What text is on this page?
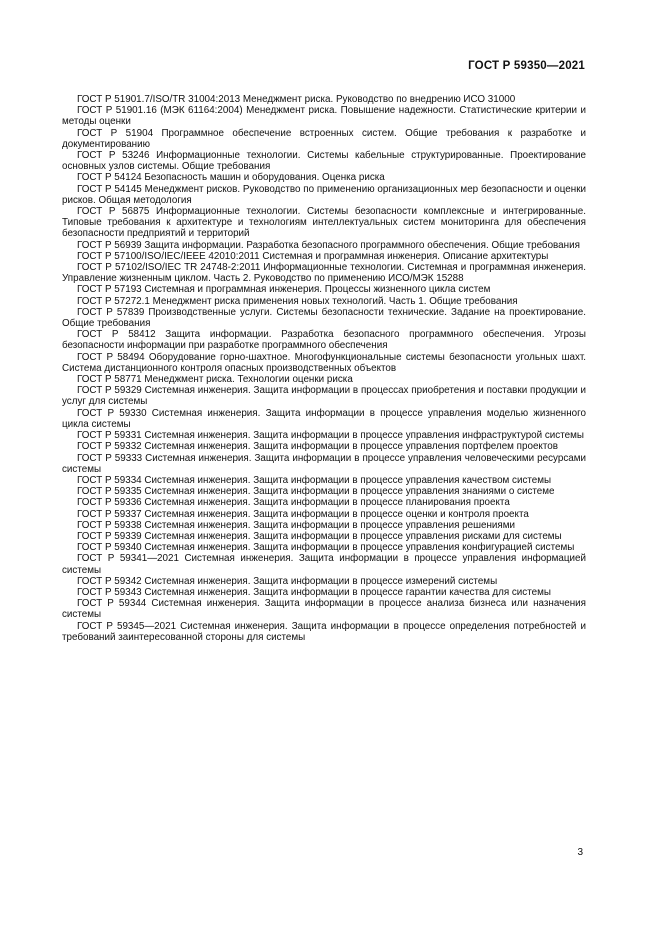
ГОСТ Р 59350—2021

ГОСТ Р 51901.7/ISO/TR 31004:2013 Менеджмент риска. Руководство по внедрению ИСО 31000

ГОСТ Р 51901.16 (МЭК 61164:2004) Менеджмент риска. Повышение надежности. Статистические критерии и методы оценки

ГОСТ Р 51904 Программное обеспечение встроенных систем. Общие требования к разработке и документированию

ГОСТ Р 53246 Информационные технологии. Системы кабельные структурированные. Проектирование основных узлов системы. Общие требования

ГОСТ Р 54124 Безопасность машин и оборудования. Оценка риска

ГОСТ Р 54145 Менеджмент рисков. Руководство по применению организационных мер безопасности и оценки рисков. Общая методология

ГОСТ Р 56875 Информационные технологии. Системы безопасности комплексные и интегрированные. Типовые требования к архитектуре и технологиям интеллектуальных систем мониторинга для обеспечения безопасности предприятий и территорий

ГОСТ Р 56939 Защита информации. Разработка безопасного программного обеспечения. Общие требования

ГОСТ Р 57100/ISO/IEC/IEEE 42010:2011 Системная и программная инженерия. Описание архитектуры

ГОСТ Р 57102/ISO/IEC TR 24748-2:2011 Информационные технологии. Системная и программная инженерия. Управление жизненным циклом. Часть 2. Руководство по применению ИСО/МЭК 15288

ГОСТ Р 57193 Системная и программная инженерия. Процессы жизненного цикла систем

ГОСТ Р 57272.1 Менеджмент риска применения новых технологий. Часть 1. Общие требования

ГОСТ Р 57839 Производственные услуги. Системы безопасности технические. Задание на проектирование. Общие требования

ГОСТ Р 58412 Защита информации. Разработка безопасного программного обеспечения. Угрозы безопасности информации при разработке программного обеспечения

ГОСТ Р 58494 Оборудование горно-шахтное. Многофункциональные системы безопасности угольных шахт. Система дистанционного контроля опасных производственных объектов

ГОСТ Р 58771 Менеджмент риска. Технологии оценки риска

ГОСТ Р 59329 Системная инженерия. Защита информации в процессах приобретения и поставки продукции и услуг для системы

ГОСТ Р 59330 Системная инженерия. Защита информации в процессе управления моделью жизненного цикла системы

ГОСТ Р 59331 Системная инженерия. Защита информации в процессе управления инфраструктурой системы

ГОСТ Р 59332 Системная инженерия. Защита информации в процессе управления портфелем проектов

ГОСТ Р 59333 Системная инженерия. Защита информации в процессе управления человеческими ресурсами системы

ГОСТ Р 59334 Системная инженерия. Защита информации в процессе управления качеством системы

ГОСТ Р 59335 Системная инженерия. Защита информации в процессе управления знаниями о системе

ГОСТ Р 59336 Системная инженерия. Защита информации в процессе планирования проекта

ГОСТ Р 59337 Системная инженерия. Защита информации в процессе оценки и контроля проекта

ГОСТ Р 59338 Системная инженерия. Защита информации в процессе управления решениями

ГОСТ Р 59339 Системная инженерия. Защита информации в процессе управления рисками для системы

ГОСТ Р 59340 Системная инженерия. Защита информации в процессе управления конфигурацией системы

ГОСТ Р 59341—2021 Системная инженерия. Защита информации в процессе управления информацией системы

ГОСТ Р 59342 Системная инженерия. Защита информации в процессе измерений системы

ГОСТ Р 59343 Системная инженерия. Защита информации в процессе гарантии качества для системы

ГОСТ Р 59344 Системная инженерия. Защита информации в процессе анализа бизнеса или назначения системы

ГОСТ Р 59345—2021 Системная инженерия. Защита информации в процессе определения потребностей и требований заинтересованной стороны для системы

3
